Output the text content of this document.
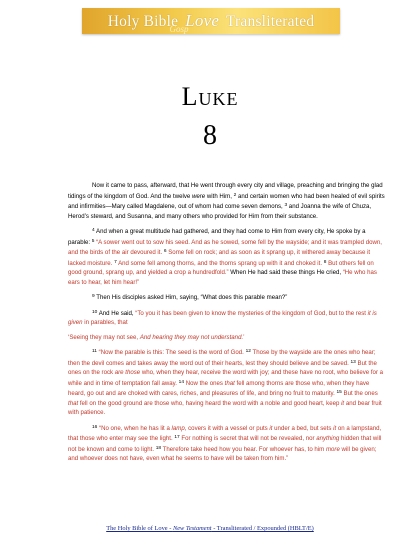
Gosp
Holy Bible Love Transliterated
Luke
8

Now it came to pass, afterward, that He went through every city and village, preaching and bringing the glad tidings of the kingdom of God. And the twelve were with Him, $^2$ and certain women who had been healed of evil spirits and infirmities—Mary called Magdalene, out of whom had come seven demons, $^3$ and Joanna the wife of Chuza, Herod’s steward, and Susanna, and many others who provided for Him from their substance.

$^4$ And when a great multitude had gathered, and they had come to Him from every city, He spoke by a parable: $^5$ “A sower went out to sow his seed. And as he sowed, some fell by the wayside; and it was trampled down, and the birds of the air devoured it. $^6$ Some fell on rock; and as soon as it sprang up, it withered away because it lacked moisture. $^7$ And some fell among thorns, and the thorns sprang up with it and choked it. $^8$ But others fell on good ground, sprang up, and yielded a crop a hundredfold.” When He had said these things He cried, “He who has ears to hear, let him hear!”

$^9$ Then His disciples asked Him, saying, “What does this parable mean?”

$^{10}$ And He said, “To you it has been given to know the mysteries of the kingdom of God, but to the rest it is given in parables, that

‘Seeing they may not see, And hearing they may not understand.’

$^{11}$ “Now the parable is this: The seed is the word of God. $^{12}$ Those by the wayside are the ones who hear; then the devil comes and takes away the word out of their hearts, lest they should believe and be saved. $^{13}$ But the ones on the rock are those who, when they hear, receive the word with joy; and these have no root, who believe for a while and in time of temptation fall away. $^{14}$ Now the ones that fell among thorns are those who, when they have heard, go out and are choked with cares, riches, and pleasures of life, and bring no fruit to maturity. $^{15}$ But the ones that fell on the good ground are those who, having heard the word with a noble and good heart, keep it and bear fruit with patience.

$^{16}$ “No one, when he has lit a lamp, covers it with a vessel or puts it under a bed, but sets it on a lampstand, that those who enter may see the light. $^{17}$ For nothing is secret that will not be revealed, nor anything hidden that will not be known and come to light. $^{18}$ Therefore take heed how you hear. For whoever has, to him more will be given; and whoever does not have, even what he seems to have will be taken from him.”

The Holy Bible of Love - New Testament - Transliterated / Expounded (HBLT/E)
